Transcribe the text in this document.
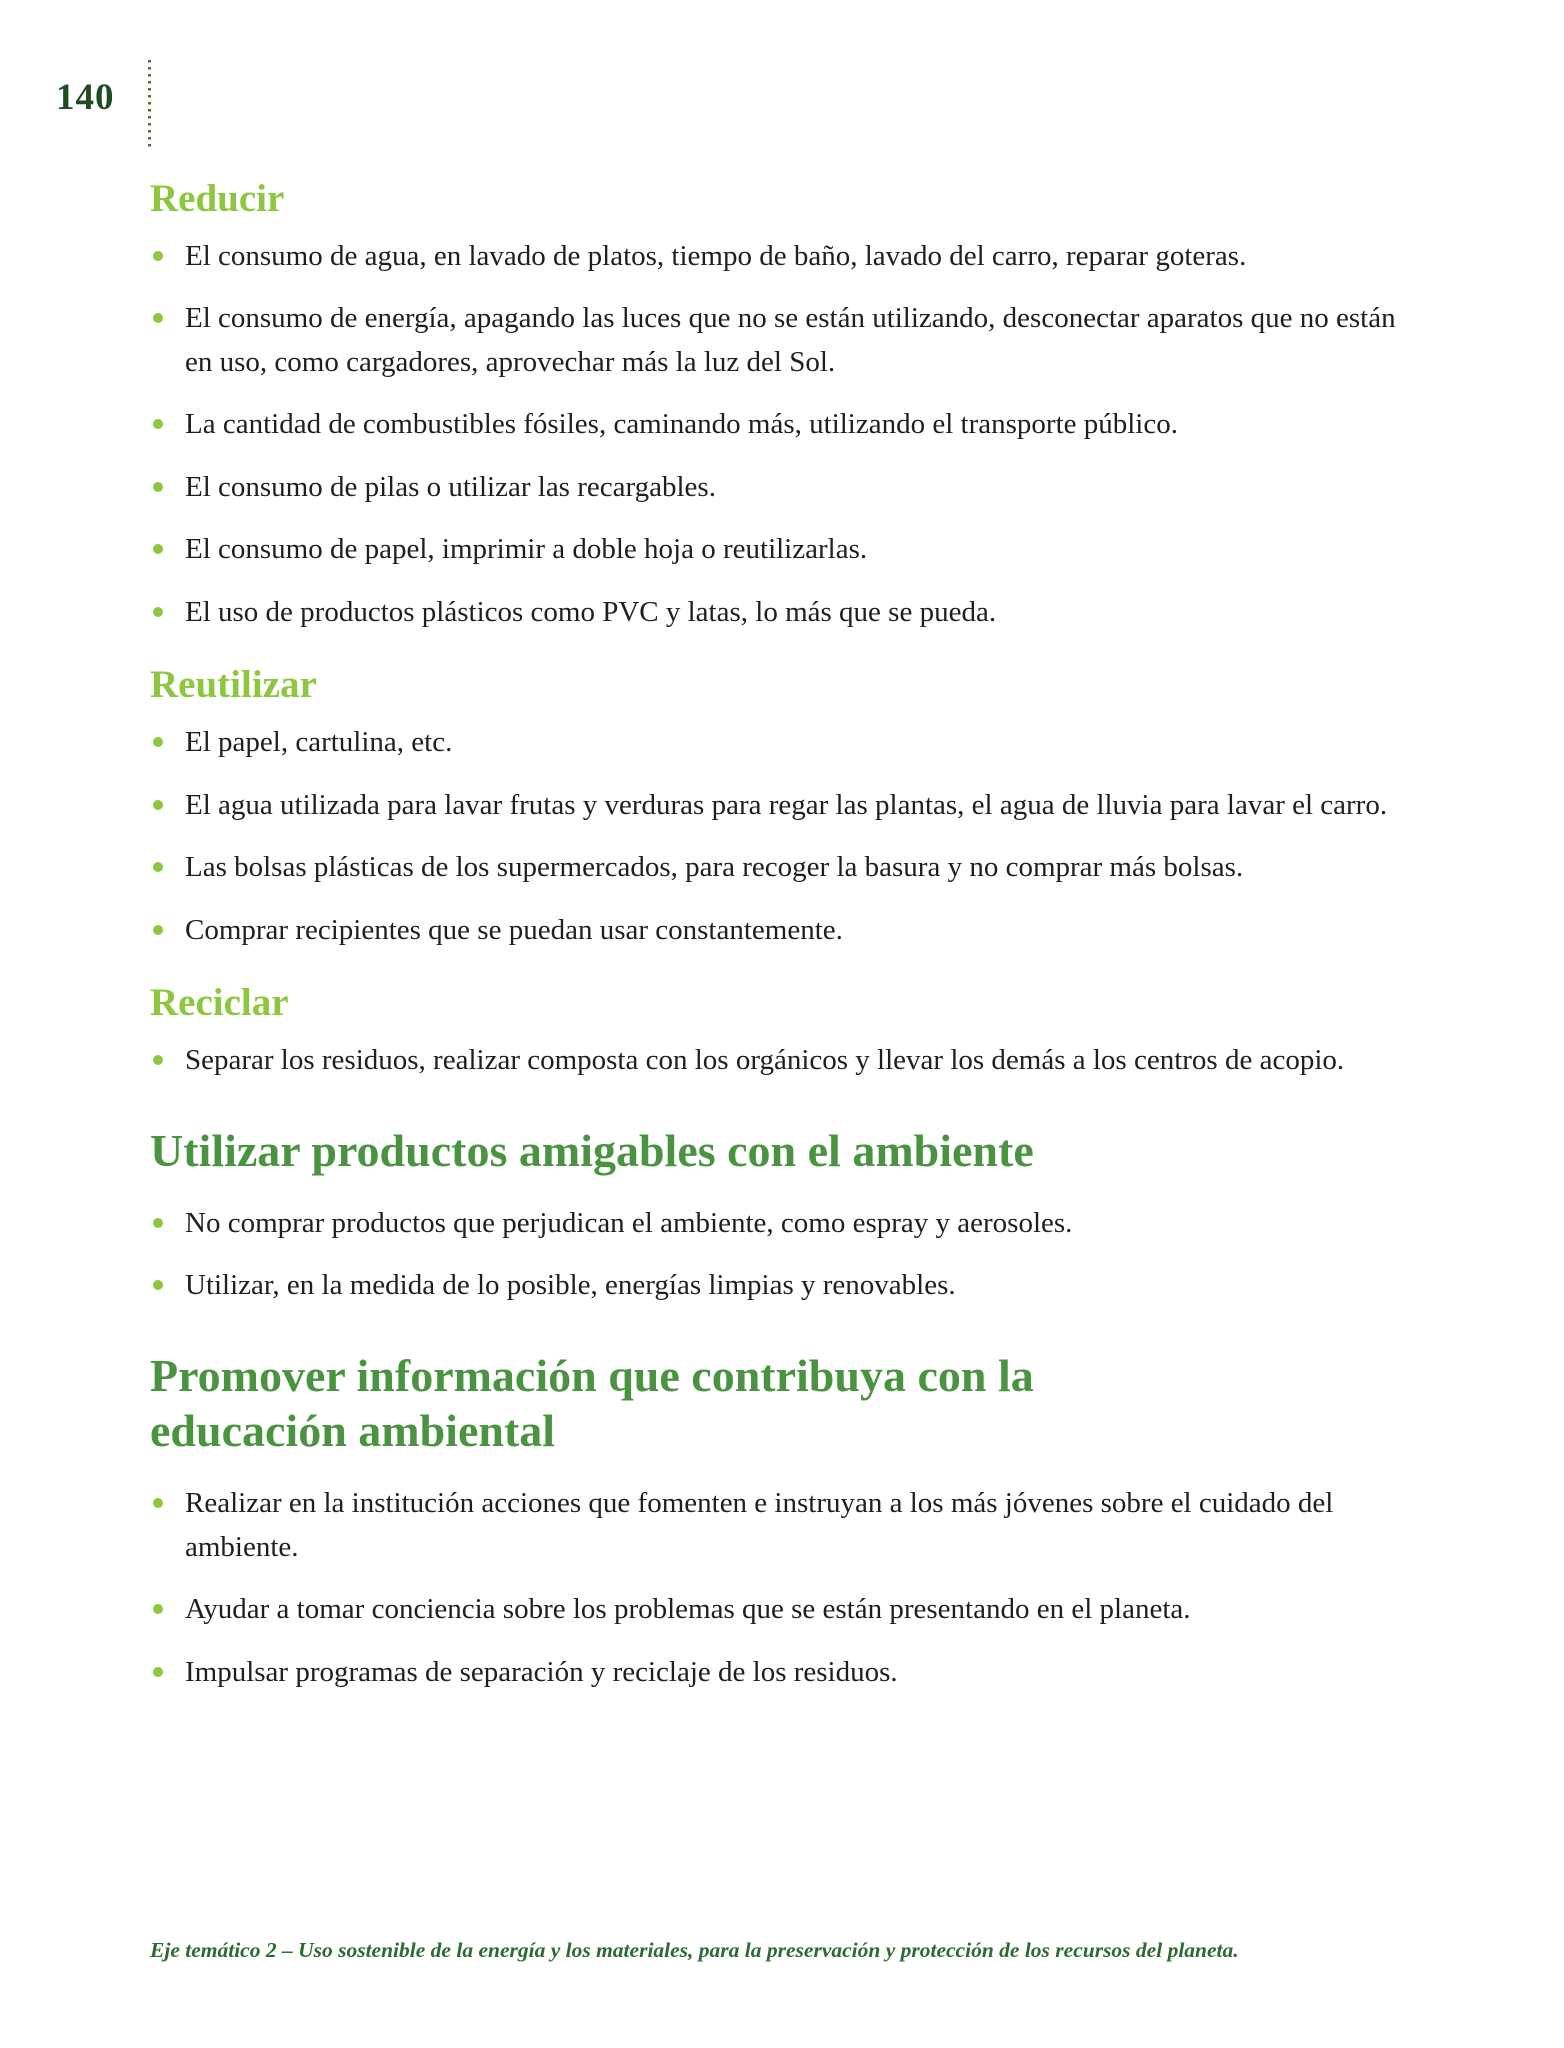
140
Reducir
El consumo de agua, en lavado de platos, tiempo de baño, lavado del carro, reparar goteras.
El consumo de energía, apagando las luces que no se están utilizando, desconectar aparatos que no están en uso, como cargadores, aprovechar más la luz del Sol.
La cantidad de combustibles fósiles, caminando más, utilizando el transporte público.
El consumo de pilas o utilizar las recargables.
El consumo de papel, imprimir a doble hoja o reutilizarlas.
El uso de productos plásticos como PVC y latas, lo más que se pueda.
Reutilizar
El papel, cartulina, etc.
El agua utilizada para lavar frutas y verduras para regar las plantas, el agua de lluvia para lavar el carro.
Las bolsas plásticas de los supermercados, para recoger la basura y no comprar más bolsas.
Comprar recipientes que se puedan usar constantemente.
Reciclar
Separar los residuos, realizar composta con los orgánicos y llevar los demás a los centros de acopio.
Utilizar productos amigables con el ambiente
No comprar productos que perjudican el ambiente, como espray y aerosoles.
Utilizar, en la medida de lo posible, energías limpias y renovables.
Promover información que contribuya con la educación ambiental
Realizar en la institución acciones que fomenten e instruyan a los más jóvenes sobre el cuidado del ambiente.
Ayudar a tomar conciencia sobre los problemas que se están presentando en el planeta.
Impulsar programas de separación y reciclaje de los residuos.
Eje temático 2 – Uso sostenible de la energía y los materiales, para la preservación y protección de los recursos del planeta.
